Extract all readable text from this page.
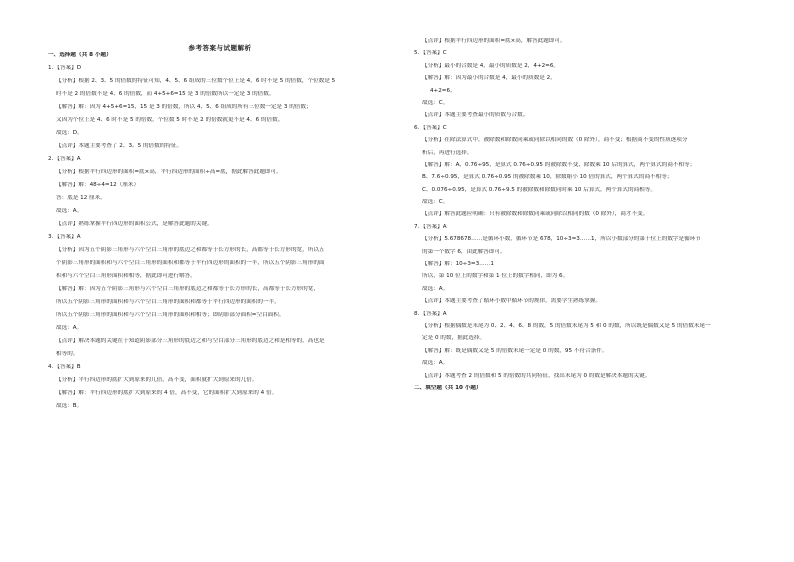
参考答案与试题解析

一、选择题（共 8 小题）

1．【答案】D

【分析】根据 2、3、5 的倍数的特征可知，4、5、6 组成的三位数个位上是 4，6 时不是 5 的倍数，个位数是 5

时不是 2 的倍数不是 4、6 的倍数，而 4+5+6=15 是 3 的倍数所以一定是 3 的倍数。

【解答】解：因为 4+5+6=15，15 是 3 的倍数，所以 4、5、6 组成的所有三位数一定是 3 的倍数；

又因为个位上是 4、6 时不是 5 的倍数，个位数 5 时不是 2 的倍数就更不是 4、6 的倍数。

故选：D。

【点评】本题主要考查了 2、3、5 的倍数的特征。

2．【答案】A

【分析】根据平行四边形的面积=底×高，平行四边形的面积÷高=底，据此解答此题即可。

【解答】解：48÷4=12（厘米）

答：底是 12 厘米。

故选：A。

【点评】熟练掌握平行四边形的面积公式，是解答此题的关键。

3．【答案】A

【分析】因为五个阴影三角形与六个空白三角形的底边之和都等于长方形的长，高都等于长方形的宽，所以五

个阴影三角形的面积和与六个空白三角形的面积和都等于平行四边形的面积的一半，所以五个阴影三角形的面

积和与六个空白三角形面积和相等，据此即可进行解答。

【解答】解：因为五个阴影三角形与六个空白三角形的底边之和都等于长方形的长，高都等于长方形的宽，

所以五个阴影三角形的面积和与六个空白三角形的面积和都等于平行四边形的面积的一半，

所以五个阴影三角形的面积和与六个空白三角形的面积和相等；即阴影部分面积=空白面积。

故选：A。

【点评】解决本题的关键在于知道阴影部分三角形的底边之和与空白部分三角形的底边之和是相等的，高也是

相等的。

4．【答案】B

【分析】平行四边形的底扩大到原来的几倍，高不变，面积就扩大到原来的几倍。

【解答】解：平行四边形的底扩大到原来的 4 倍，高不变，它的面积扩大到原来的 4 倍。

故选：B。

【点评】根据平行四边形的面积=底×高，解答此题即可。

5．【答案】C

【分析】最小的合数是 4，最小的质数是 2，4+2=6。

【解答】解：因为最小的合数是 4，最小的质数是 2，

4+2=6。

故选：C。

【点评】本题主要考查最小的质数与合数。

6．【答案】C

【分析】在除法算式中，被除数和除数同乘或同除以相同的数（0 除外），商不变；根据商不变的性质逐项分

析后，再进行选择。

【解答】解：A、0.76÷95，是算式 0.76÷0.95 的被除数不变，除数乘 10 后的算式，两个算式的商不相等；

B、7.6÷0.95，是算式 0.76÷0.95 的被除数乘 10，除数缩小 10 倍的算式，两个算式的商不相等；

C、0.076÷0.95，是算式 0.76÷9.5 的被除数和除数同时乘 10 后算式，两个算式的商相等。

故选：C。

【点评】解答此题应明确：只有被除数和除数同乘或同除以相同的数（0 除外），商才不变。

7．【答案】A

【分析】5.678678……是循环小数，循环节是 678，10÷3=3……1，所以小数部分的第十位上的数字是循环节

的第一个数字 6，由此解答即可。

【解答】解：10÷3=3……1

所以，第 10 位上的数字和第 1 位上的数字相同，即为 6。

故选：A。

【点评】本题主要考查了循环小数中循环节的规律，需要学生熟练掌握。

8．【答案】A

【分析】根据偶数是末尾为 0、2、4、6、8 的数，5 的倍数末尾为 5 和 0 的数，所以既是偶数又是 5 的倍数末尾一

定是 0 的数，据此选择。

【解答】解：既是偶数又是 5 的倍数末尾一定是 0 的数，95 不符合条件。

故选：A。

【点评】本题考查 2 的倍数和 5 的倍数的共同特征，找出末尾为 0 的数是解决本题的关键。

二、填空题（共 10 小题）
